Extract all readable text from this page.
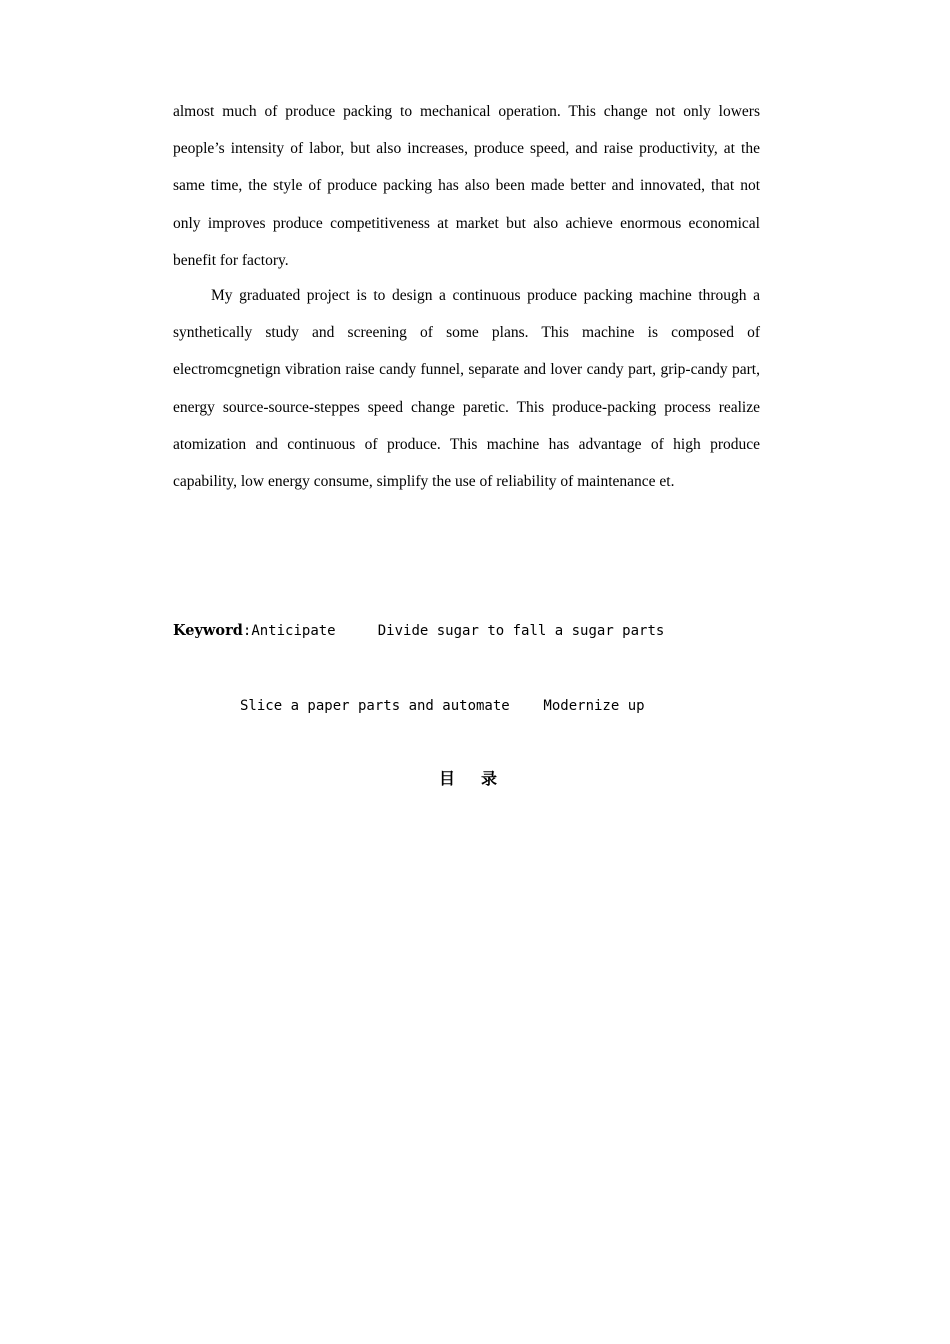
almost much of produce packing to mechanical operation. This change not only lowers people’s intensity of labor, but also increases, produce speed, and raise productivity, at the same time, the style of produce packing has also been made better and innovated, that not only improves produce competitiveness at market but also achieve enormous economical benefit for factory.

My graduated project is to design a continuous produce packing machine through a synthetically study and screening of some plans. This machine is composed of electromcgnetign vibration raise candy funnel, separate and lover candy part, grip-candy part, energy source-source-steppes speed change paretic. This produce-packing process realize atomization and continuous of produce. This machine has advantage of high produce capability, low energy consume, simplify the use of reliability of maintenance et.

Keyword:Anticipate     Divide sugar to fall a sugar parts

Slice a paper parts and automate    Modernize up

目 录
